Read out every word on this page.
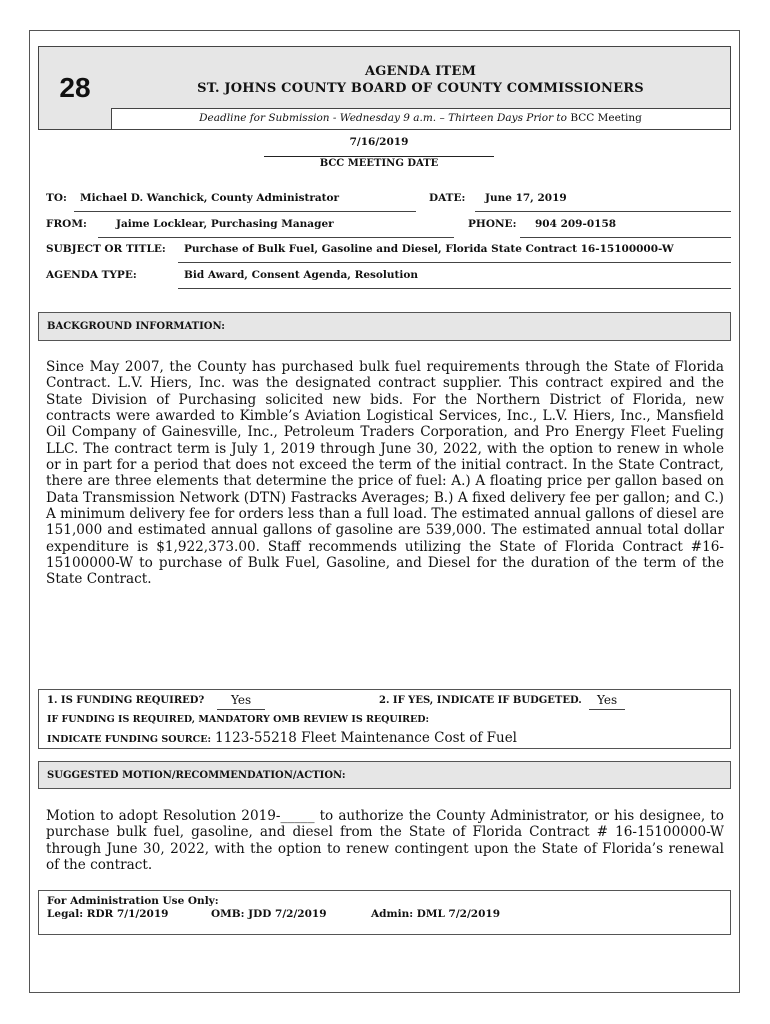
28
AGENDA ITEM
ST. JOHNS COUNTY BOARD OF COUNTY COMMISSIONERS
Deadline for Submission - Wednesday 9 a.m. – Thirteen Days Prior to BCC Meeting
7/16/2019
BCC MEETING DATE
TO: Michael D. Wanchick, County Administrator	DATE: June 17, 2019
FROM:	Jaime Locklear, Purchasing Manager	PHONE: 904 209-0158
SUBJECT OR TITLE: Purchase of Bulk Fuel, Gasoline and Diesel, Florida State Contract 16-15100000-W
AGENDA TYPE:	Bid Award, Consent Agenda, Resolution
BACKGROUND INFORMATION:
Since May 2007, the County has purchased bulk fuel requirements through the State of Florida Contract. L.V. Hiers, Inc. was the designated contract supplier. This contract expired and the State Division of Purchasing solicited new bids. For the Northern District of Florida, new contracts were awarded to Kimble’s Aviation Logistical Services, Inc., L.V. Hiers, Inc., Mansfield Oil Company of Gainesville, Inc., Petroleum Traders Corporation, and Pro Energy Fleet Fueling LLC. The contract term is July 1, 2019 through June 30, 2022, with the option to renew in whole or in part for a period that does not exceed the term of the initial contract. In the State Contract, there are three elements that determine the price of fuel: A.) A floating price per gallon based on Data Transmission Network (DTN) Fastracks Averages; B.) A fixed delivery fee per gallon; and C.) A minimum delivery fee for orders less than a full load. The estimated annual gallons of diesel are 151,000 and estimated annual gallons of gasoline are 539,000. The estimated annual total dollar expenditure is $1,922,373.00. Staff recommends utilizing the State of Florida Contract #16-15100000-W to purchase of Bulk Fuel, Gasoline, and Diesel for the duration of the term of the State Contract.
1. IS FUNDING REQUIRED? Yes	2. IF YES, INDICATE IF BUDGETED. Yes
IF FUNDING IS REQUIRED, MANDATORY OMB REVIEW IS REQUIRED:
INDICATE FUNDING SOURCE: 1123-55218 Fleet Maintenance Cost of Fuel
SUGGESTED MOTION/RECOMMENDATION/ACTION:
Motion to adopt Resolution 2019-_____ to authorize the County Administrator, or his designee, to purchase bulk fuel, gasoline, and diesel from the State of Florida Contract # 16-15100000-W through June 30, 2022, with the option to renew contingent upon the State of Florida’s renewal of the contract.
For Administration Use Only:
Legal: RDR 7/1/2019	OMB: JDD 7/2/2019	Admin: DML 7/2/2019
